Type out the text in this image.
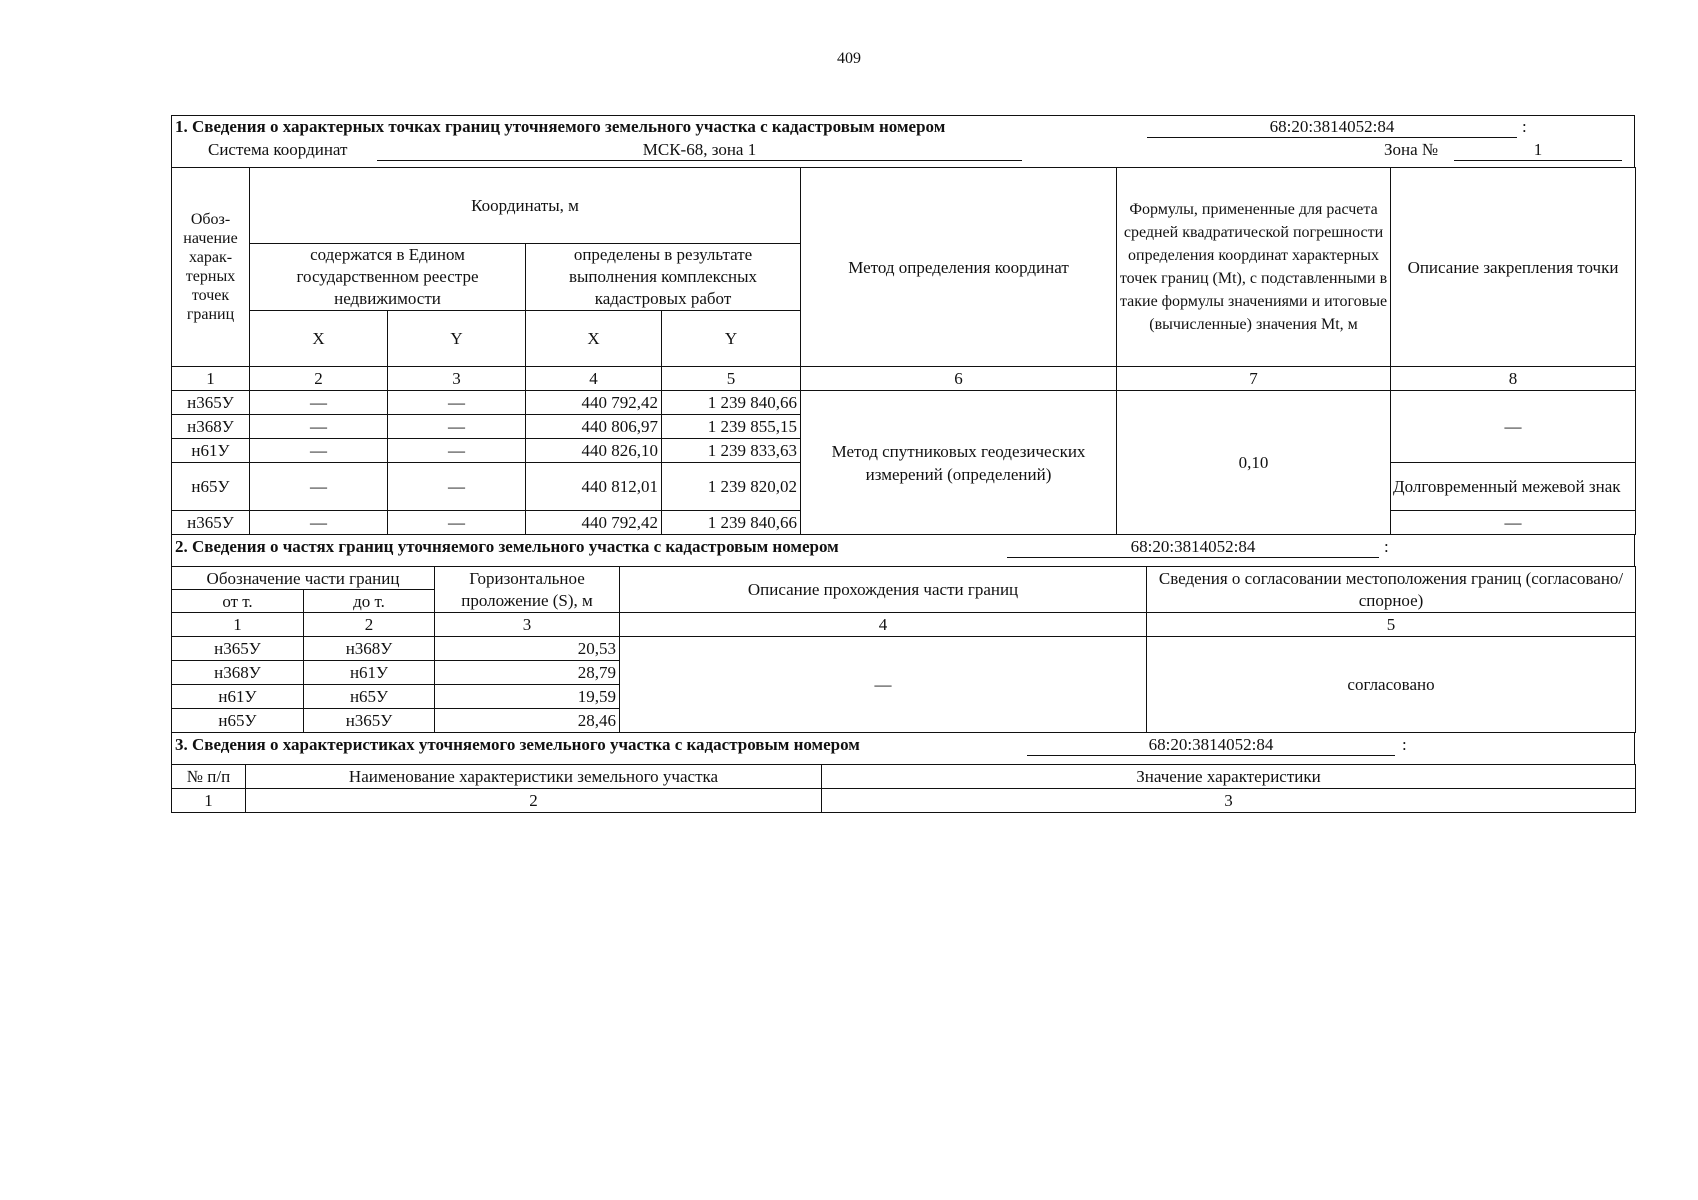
409
1. Сведения о характерных точках границ уточняемого земельного участка с кадастровым номером	68:20:3814052:84	:
Система координат	МСК-68, зона 1	Зона №	1
Обоз-начение харак-терных точек границ	Координаты, м				Метод определения координат	Формулы, примененные для расчета средней квадратической погрешности определения координат характерных точек границ (Mt), с подставленными в такие формулы значениями и итоговые (вычисленные) значения Mt, м	Описание закрепления точки
	содержатся в Едином государственном реестре недвижимости		определены в результате выполнения комплексных кадастровых работ				
	X	Y	X	Y			
1	2	3	4	5	6	7	8
н365У	—	—	440 792,42	1 239 840,66	Метод спутниковых геодезических измерений (определений)	0,10	—
н368У	—	—	440 806,97	1 239 855,15			
н61У	—	—	440 826,10	1 239 833,63			
н65У	—	—	440 812,01	1 239 820,02			Долговременный межевой знак
н365У	—	—	440 792,42	1 239 840,66			—
2. Сведения о частях границ уточняемого земельного участка с кадастровым номером	68:20:3814052:84	:
Обозначение части границ		Горизонтальное проложение (S), м	Описание прохождения части границ	Сведения о согласовании местоположения границ (согласовано/спорное)
от т.	до т.			
1	2	3	4	5
н365У	н368У	20,53	—	согласовано
н368У	н61У	28,79		
н61У	н65У	19,59		
н65У	н365У	28,46		
3. Сведения о характеристиках уточняемого земельного участка с кадастровым номером	68:20:3814052:84	:
№ п/п	Наименование характеристики земельного участка	Значение характеристики
1	2	3
